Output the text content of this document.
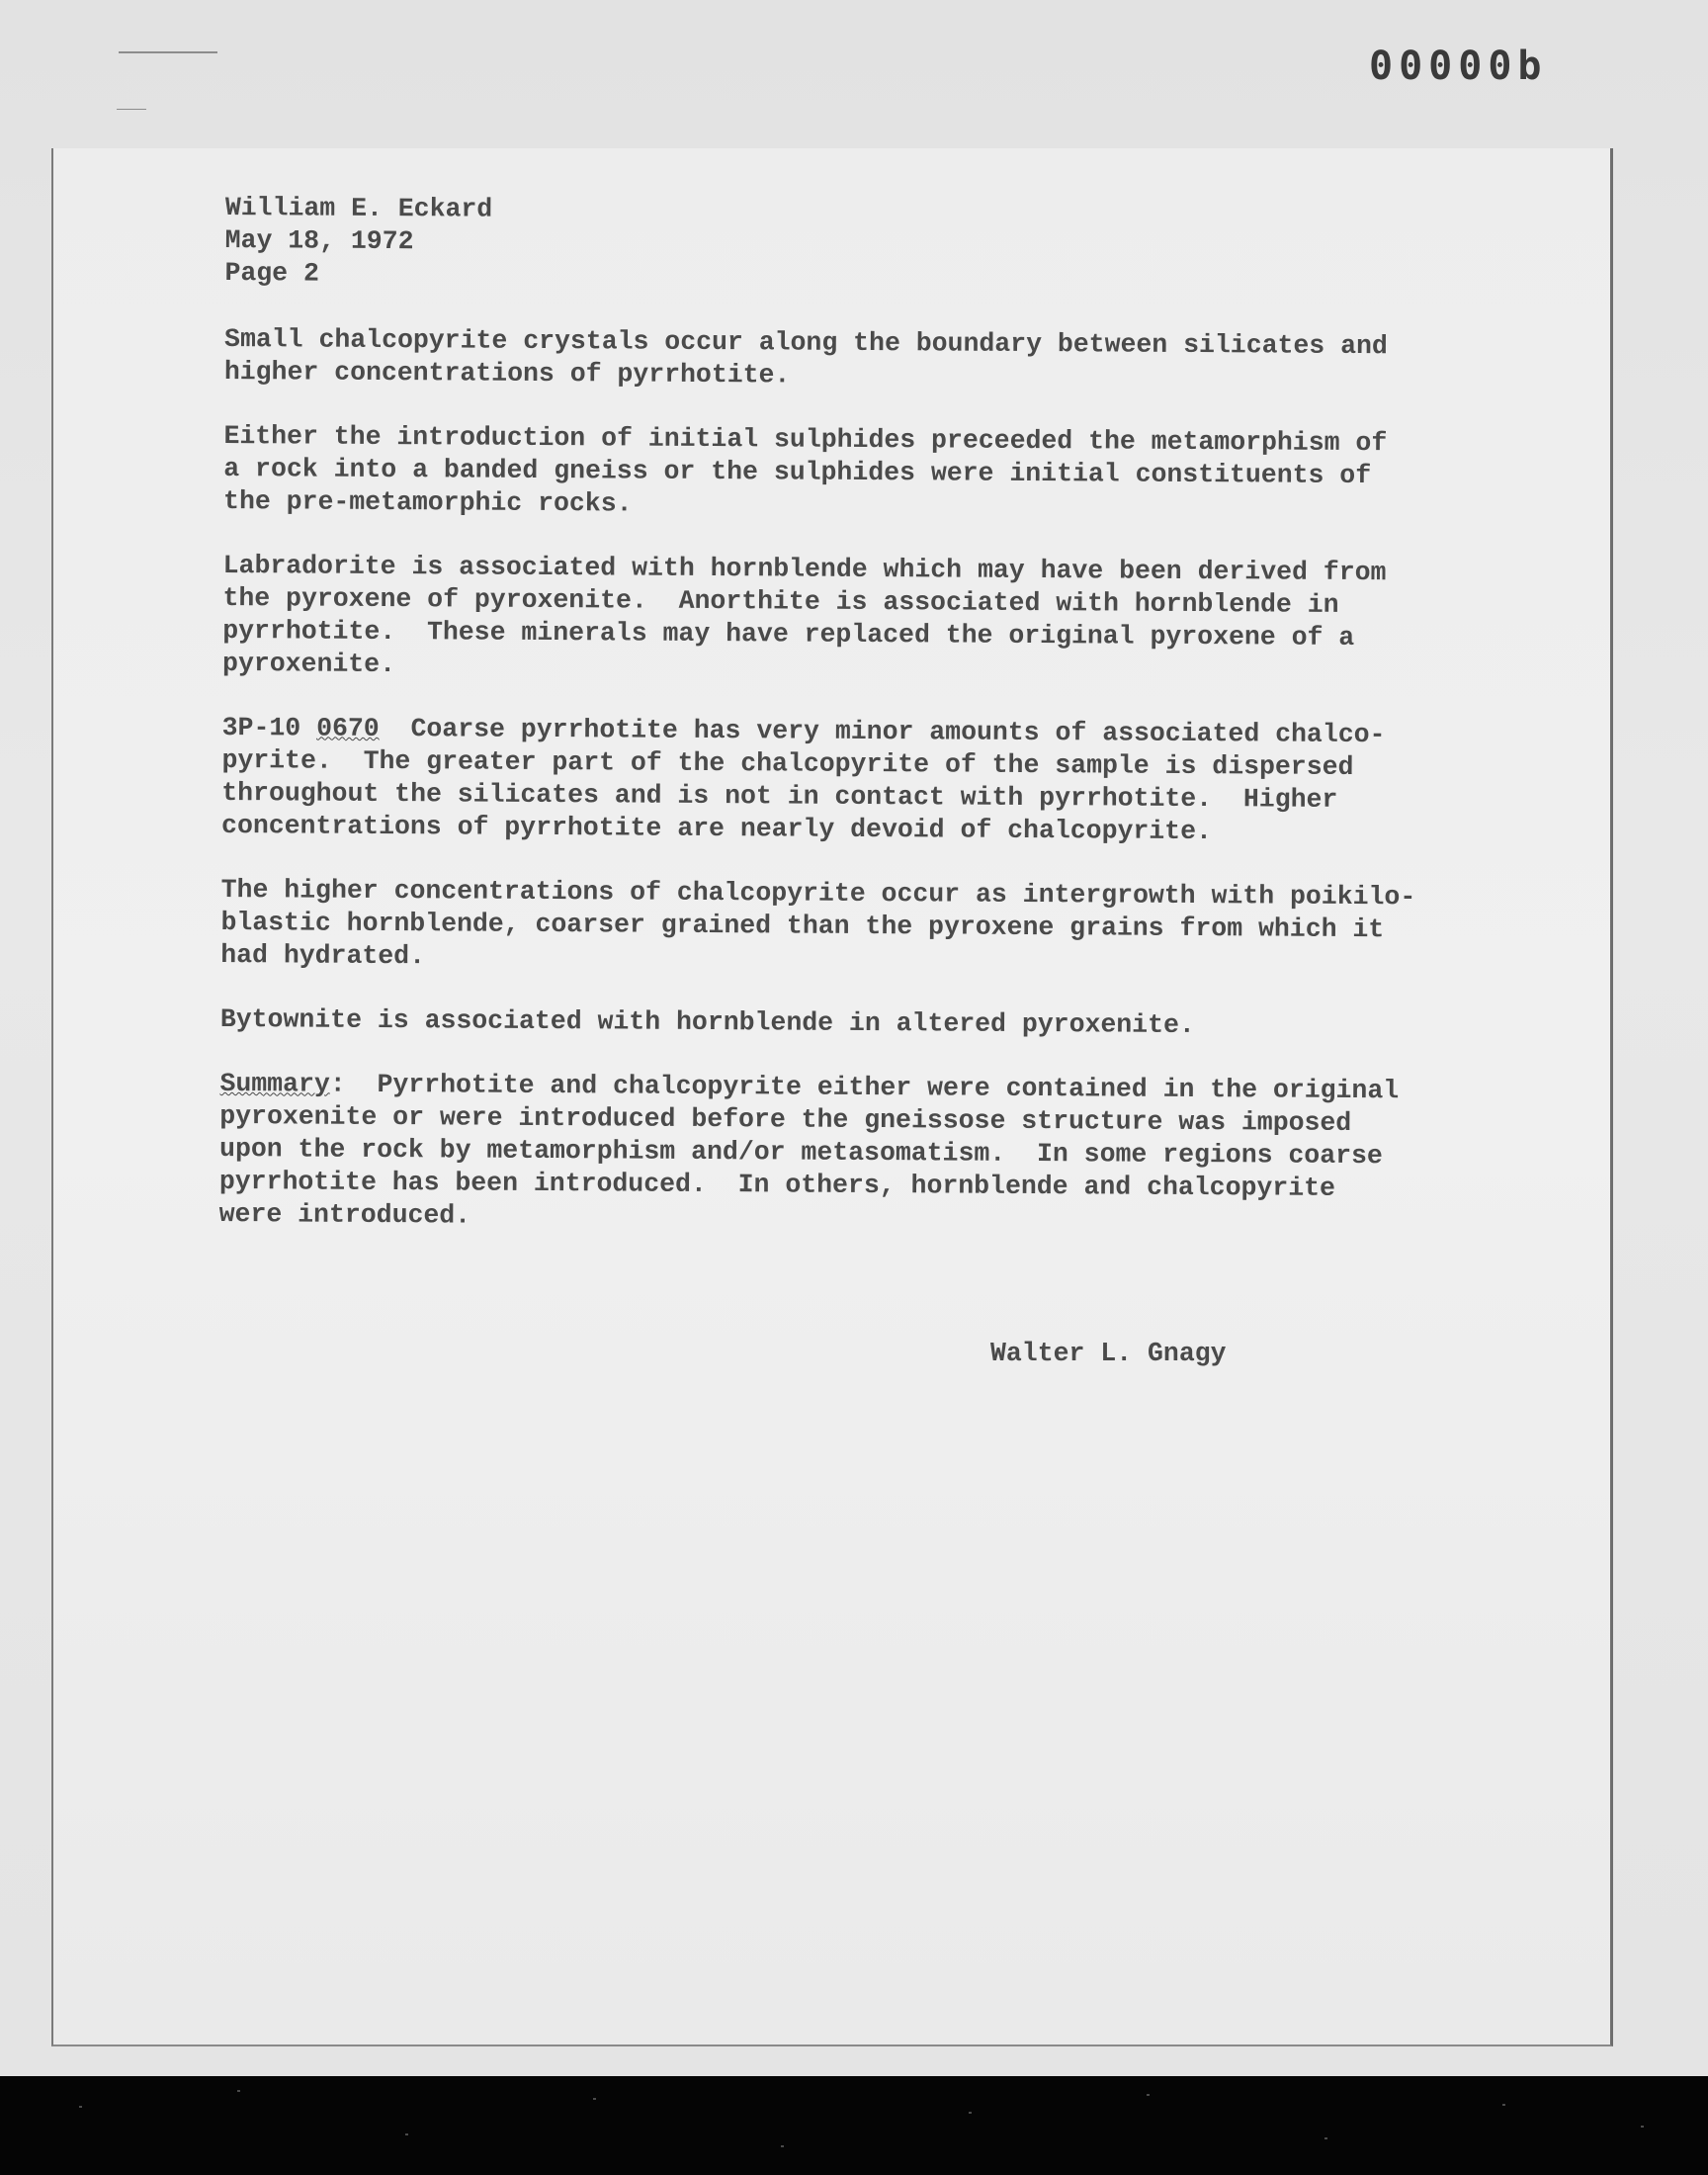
00000b

William E. Eckard

May 18, 1972

Page 2

Small chalcopyrite crystals occur along the boundary between silicates and
higher concentrations of pyrrhotite.
Either the introduction of initial sulphides preceeded the metamorphism of
a rock into a banded gneiss or the sulphides were initial constituents of
the pre-metamorphic rocks.
Labradorite is associated with hornblende which may have been derived from
the pyroxene of pyroxenite.  Anorthite is associated with hornblende in
pyrrhotite.  These minerals may have replaced the original pyroxene of a
pyroxenite.
3P-10 0670  Coarse pyrrhotite has very minor amounts of associated chalco-
pyrite.  The greater part of the chalcopyrite of the sample is dispersed
throughout the silicates and is not in contact with pyrrhotite.  Higher
concentrations of pyrrhotite are nearly devoid of chalcopyrite.
The higher concentrations of chalcopyrite occur as intergrowth with poikilo-
blastic hornblende, coarser grained than the pyroxene grains from which it
had hydrated.
Bytownite is associated with hornblende in altered pyroxenite.
Summary:  Pyrrhotite and chalcopyrite either were contained in the original
pyroxenite or were introduced before the gneissose structure was imposed
upon the rock by metamorphism and/or metasomatism.  In some regions coarse
pyrrhotite has been introduced.  In others, hornblende and chalcopyrite
were introduced.
Walter L. Gnagy
